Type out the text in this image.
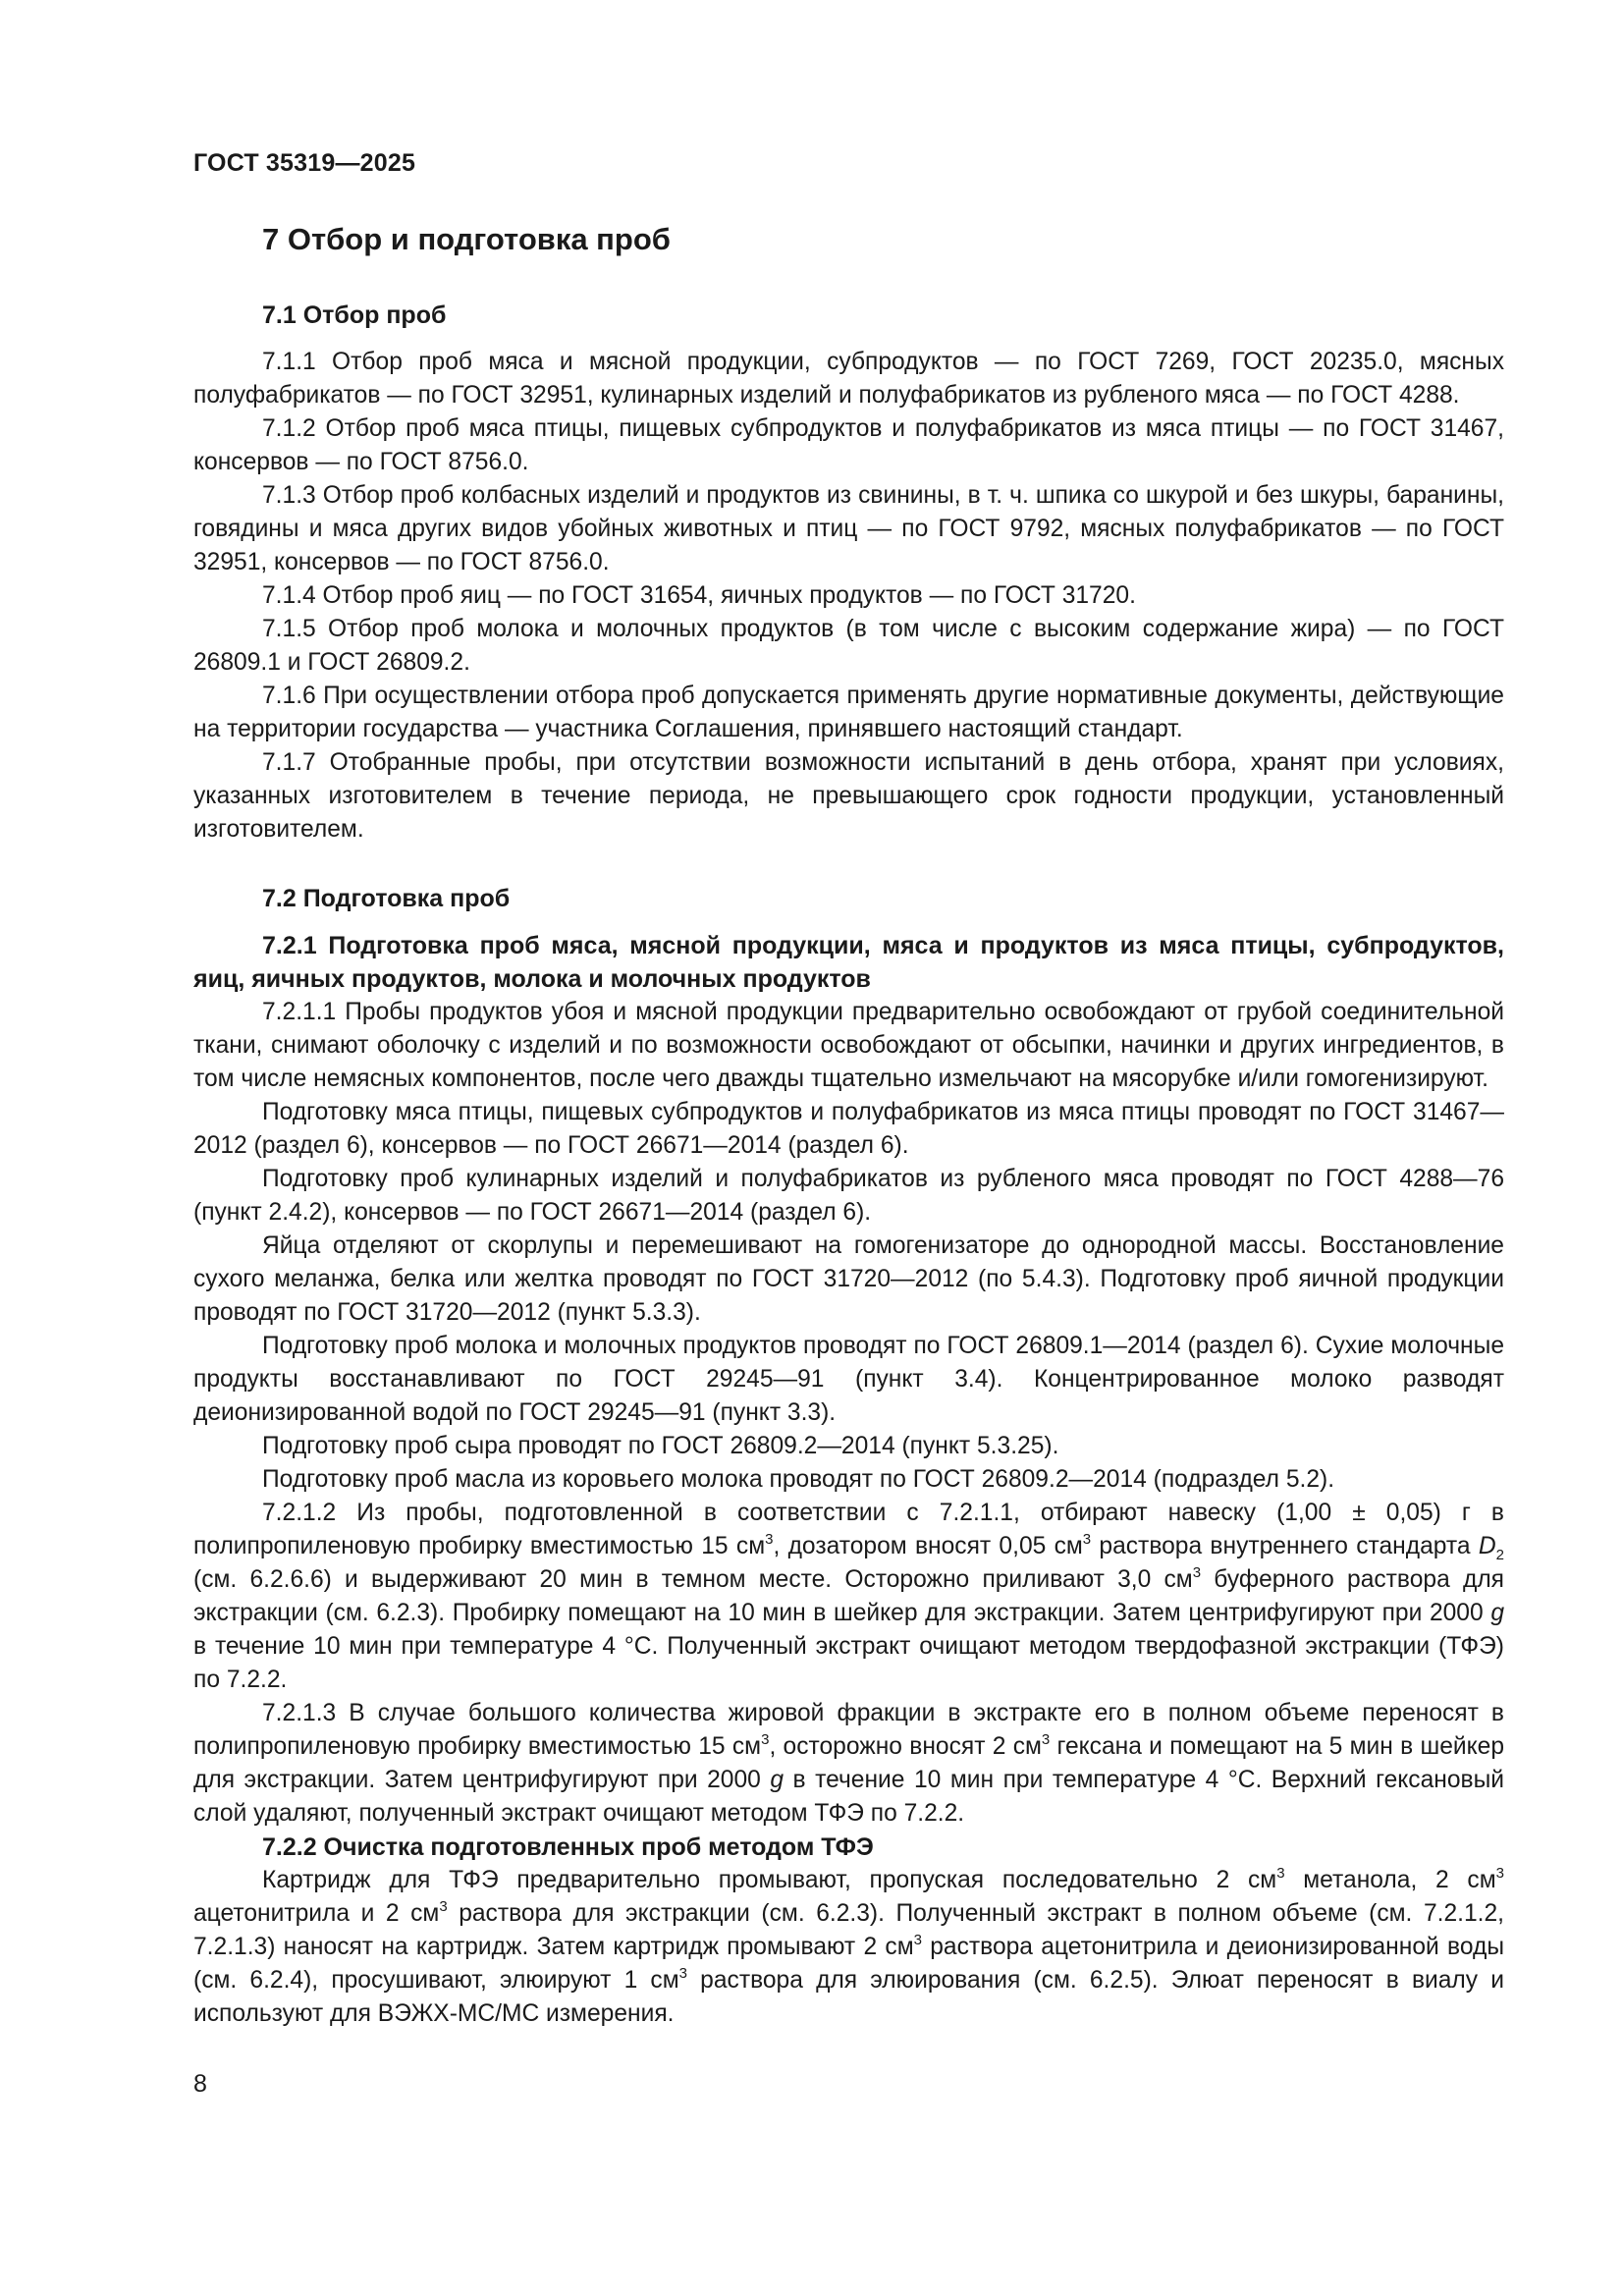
ГОСТ 35319—2025
7 Отбор и подготовка проб
7.1 Отбор проб

7.1.1 Отбор проб мяса и мясной продукции, субпродуктов — по ГОСТ 7269, ГОСТ 20235.0, мясных полуфабрикатов — по ГОСТ 32951, кулинарных изделий и полуфабрикатов из рубленого мяса — по ГОСТ 4288.

7.1.2 Отбор проб мяса птицы, пищевых субпродуктов и полуфабрикатов из мяса птицы — по ГОСТ 31467, консервов — по ГОСТ 8756.0.

7.1.3 Отбор проб колбасных изделий и продуктов из свинины, в т. ч. шпика со шкурой и без шкуры, баранины, говядины и мяса других видов убойных животных и птиц — по ГОСТ 9792, мясных полуфабрикатов — по ГОСТ 32951, консервов — по ГОСТ 8756.0.

7.1.4 Отбор проб яиц — по ГОСТ 31654, яичных продуктов — по ГОСТ 31720.

7.1.5 Отбор проб молока и молочных продуктов (в том числе с высоким содержание жира) — по ГОСТ 26809.1 и ГОСТ 26809.2.

7.1.6 При осуществлении отбора проб допускается применять другие нормативные документы, действующие на территории государства — участника Соглашения, принявшего настоящий стандарт.

7.1.7 Отобранные пробы, при отсутствии возможности испытаний в день отбора, хранят при условиях, указанных изготовителем в течение периода, не превышающего срок годности продукции, установленный изготовителем.

7.2 Подготовка проб
7.2.1 Подготовка проб мяса, мясной продукции, мяса и продуктов из мяса птицы, субпродуктов, яиц, яичных продуктов, молока и молочных продуктов

7.2.1.1 Пробы продуктов убоя и мясной продукции предварительно освобождают от грубой соединительной ткани, снимают оболочку с изделий и по возможности освобождают от обсыпки, начинки и других ингредиентов, в том числе немясных компонентов, после чего дважды тщательно измельчают на мясорубке и/или гомогенизируют.

Подготовку мяса птицы, пищевых субпродуктов и полуфабрикатов из мяса птицы проводят по ГОСТ 31467—2012 (раздел 6), консервов — по ГОСТ 26671—2014 (раздел 6).

Подготовку проб кулинарных изделий и полуфабрикатов из рубленого мяса проводят по ГОСТ 4288—76 (пункт 2.4.2), консервов — по ГОСТ 26671—2014 (раздел 6).

Яйца отделяют от скорлупы и перемешивают на гомогенизаторе до однородной массы. Восстановление сухого меланжа, белка или желтка проводят по ГОСТ 31720—2012 (по 5.4.3). Подготовку проб яичной продукции проводят по ГОСТ 31720—2012 (пункт 5.3.3).

Подготовку проб молока и молочных продуктов проводят по ГОСТ 26809.1—2014 (раздел 6). Сухие молочные продукты восстанавливают по ГОСТ 29245—91 (пункт 3.4). Концентрированное молоко разводят деионизированной водой по ГОСТ 29245—91 (пункт 3.3).

Подготовку проб сыра проводят по ГОСТ 26809.2—2014 (пункт 5.3.25).

Подготовку проб масла из коровьего молока проводят по ГОСТ 26809.2—2014 (подраздел 5.2).

7.2.1.2 Из пробы, подготовленной в соответствии с 7.2.1.1, отбирают навеску (1,00 ± 0,05) г в полипропиленовую пробирку вместимостью 15 $см^3$, дозатором вносят 0,05 $см^3$ раствора внутреннего стандарта $D_2$ (см. 6.2.6.6) и выдерживают 20 мин в темном месте. Осторожно приливают 3,0 $см^3$ буферного раствора для экстракции (см. 6.2.3). Пробирку помещают на 10 мин в шейкер для экстракции. Затем центрифугируют при 2000 g в течение 10 мин при температуре 4 °С. Полученный экстракт очищают методом твердофазной экстракции (ТФЭ) по 7.2.2.

7.2.1.3 В случае большого количества жировой фракции в экстракте его в полном объеме переносят в полипропиленовую пробирку вместимостью 15 $см^3$, осторожно вносят 2 $см^3$ гексана и помещают на 5 мин в шейкер для экстракции. Затем центрифугируют при 2000 g в течение 10 мин при температуре 4 °С. Верхний гексановый слой удаляют, полученный экстракт очищают методом ТФЭ по 7.2.2.

7.2.2 Очистка подготовленных проб методом ТФЭ

Картридж для ТФЭ предварительно промывают, пропуская последовательно 2 $см^3$ метанола, 2 $см^3$ ацетонитрила и 2 $см^3$ раствора для экстракции (см. 6.2.3). Полученный экстракт в полном объеме (см. 7.2.1.2, 7.2.1.3) наносят на картридж. Затем картридж промывают 2 $см^3$ раствора ацетонитрила и деионизированной воды (см. 6.2.4), просушивают, элюируют 1 $см^3$ раствора для элюирования (см. 6.2.5). Элюат переносят в виалу и используют для ВЭЖХ-МС/МС измерения.

8
